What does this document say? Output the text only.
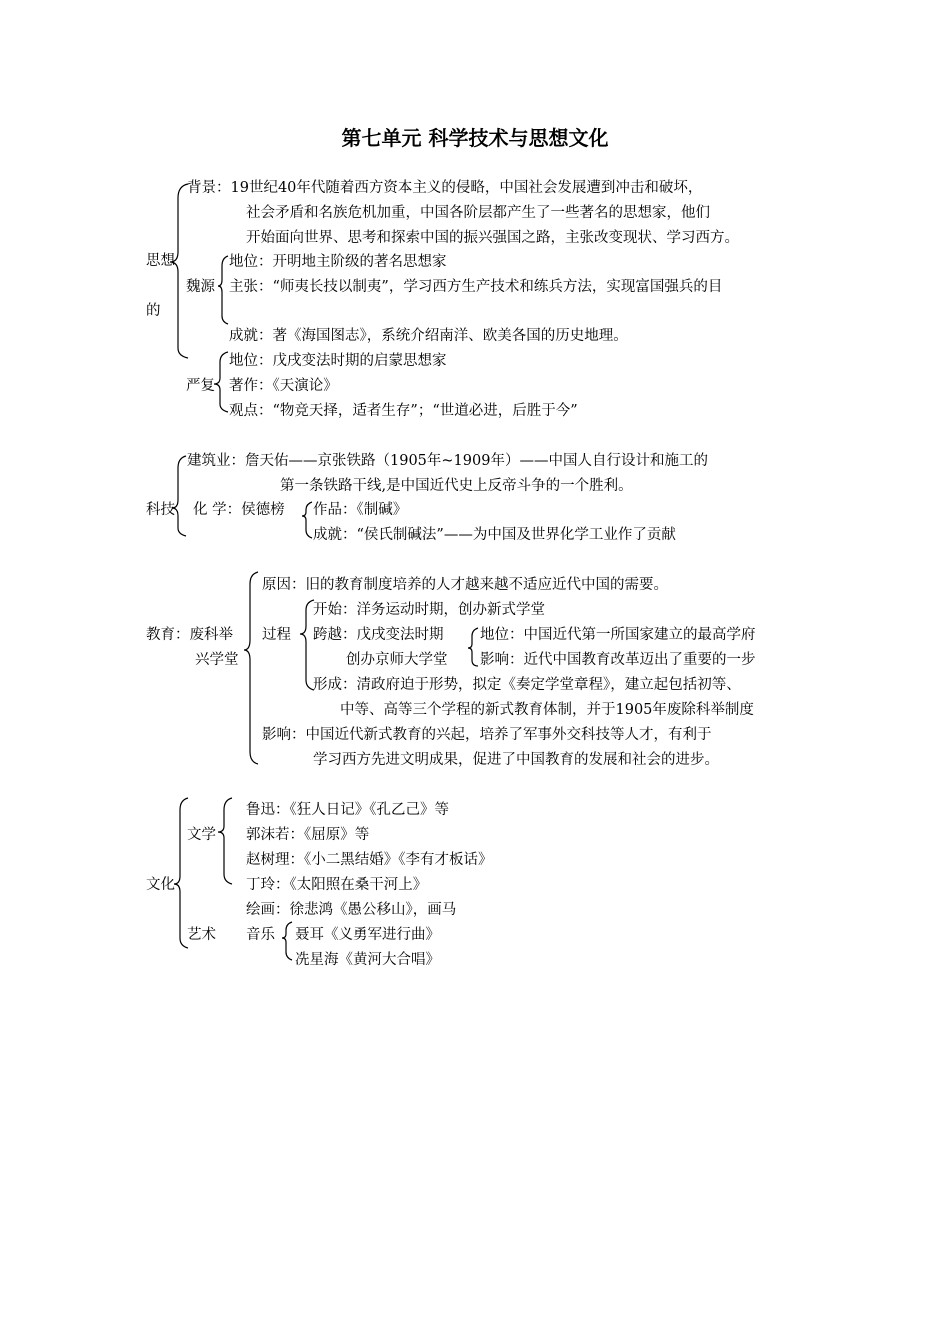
第七单元 科学技术与思想文化
思想
的
背景：19世纪40年代随着西方资本主义的侵略，中国社会发展遭到冲击和破坏，
社会矛盾和名族危机加重，中国各阶层都产生了一些著名的思想家，他们
开始面向世界、思考和探索中国的振兴强国之路，主张改变现状、学习西方。
魏源
地位：开明地主阶级的著名思想家
主张：“师夷长技以制夷”，学习西方生产技术和练兵方法，实现富国强兵的目
成就：著《海国图志》，系统介绍南洋、欧美各国的历史地理。
严复
地位：戊戌变法时期的启蒙思想家
著作：《天演论》
观点：“物竞天择，适者生存”；“世道必进，后胜于今”
科技
建筑业：詹天佑——京张铁路（1905年~1909年）——中国人自行设计和施工的
第一条铁路干线,是中国近代史上反帝斗争的一个胜利。
化 学：侯德榜 作品：《制碱》
成就：“侯氏制碱法”——为中国及世界化学工业作了贡献
教育：废科举
兴学堂
原因：旧的教育制度培养的人才越来越不适应近代中国的需要。
过程
开始：洋务运动时期，创办新式学堂
跨越：戊戌变法时期
创办京师大学堂
地位：中国近代第一所国家建立的最高学府
影响：近代中国教育改革迈出了重要的一步
形成：清政府迫于形势，拟定《奏定学堂章程》，建立起包括初等、
中等、高等三个学程的新式教育体制，并于1905年废除科举制度
影响：中国近代新式教育的兴起，培养了军事外交科技等人才，有利于
学习西方先进文明成果，促进了中国教育的发展和社会的进步。
文化
文学
鲁迅：《狂人日记》《孔乙己》等
郭沫若：《屈原》等
赵树理：《小二黑结婚》《李有才板话》
丁玲：《太阳照在桑干河上》
艺术
绘画：徐悲鸿《愚公移山》，画马
音乐 聂耳《义勇军进行曲》
冼星海《黄河大合唱》
